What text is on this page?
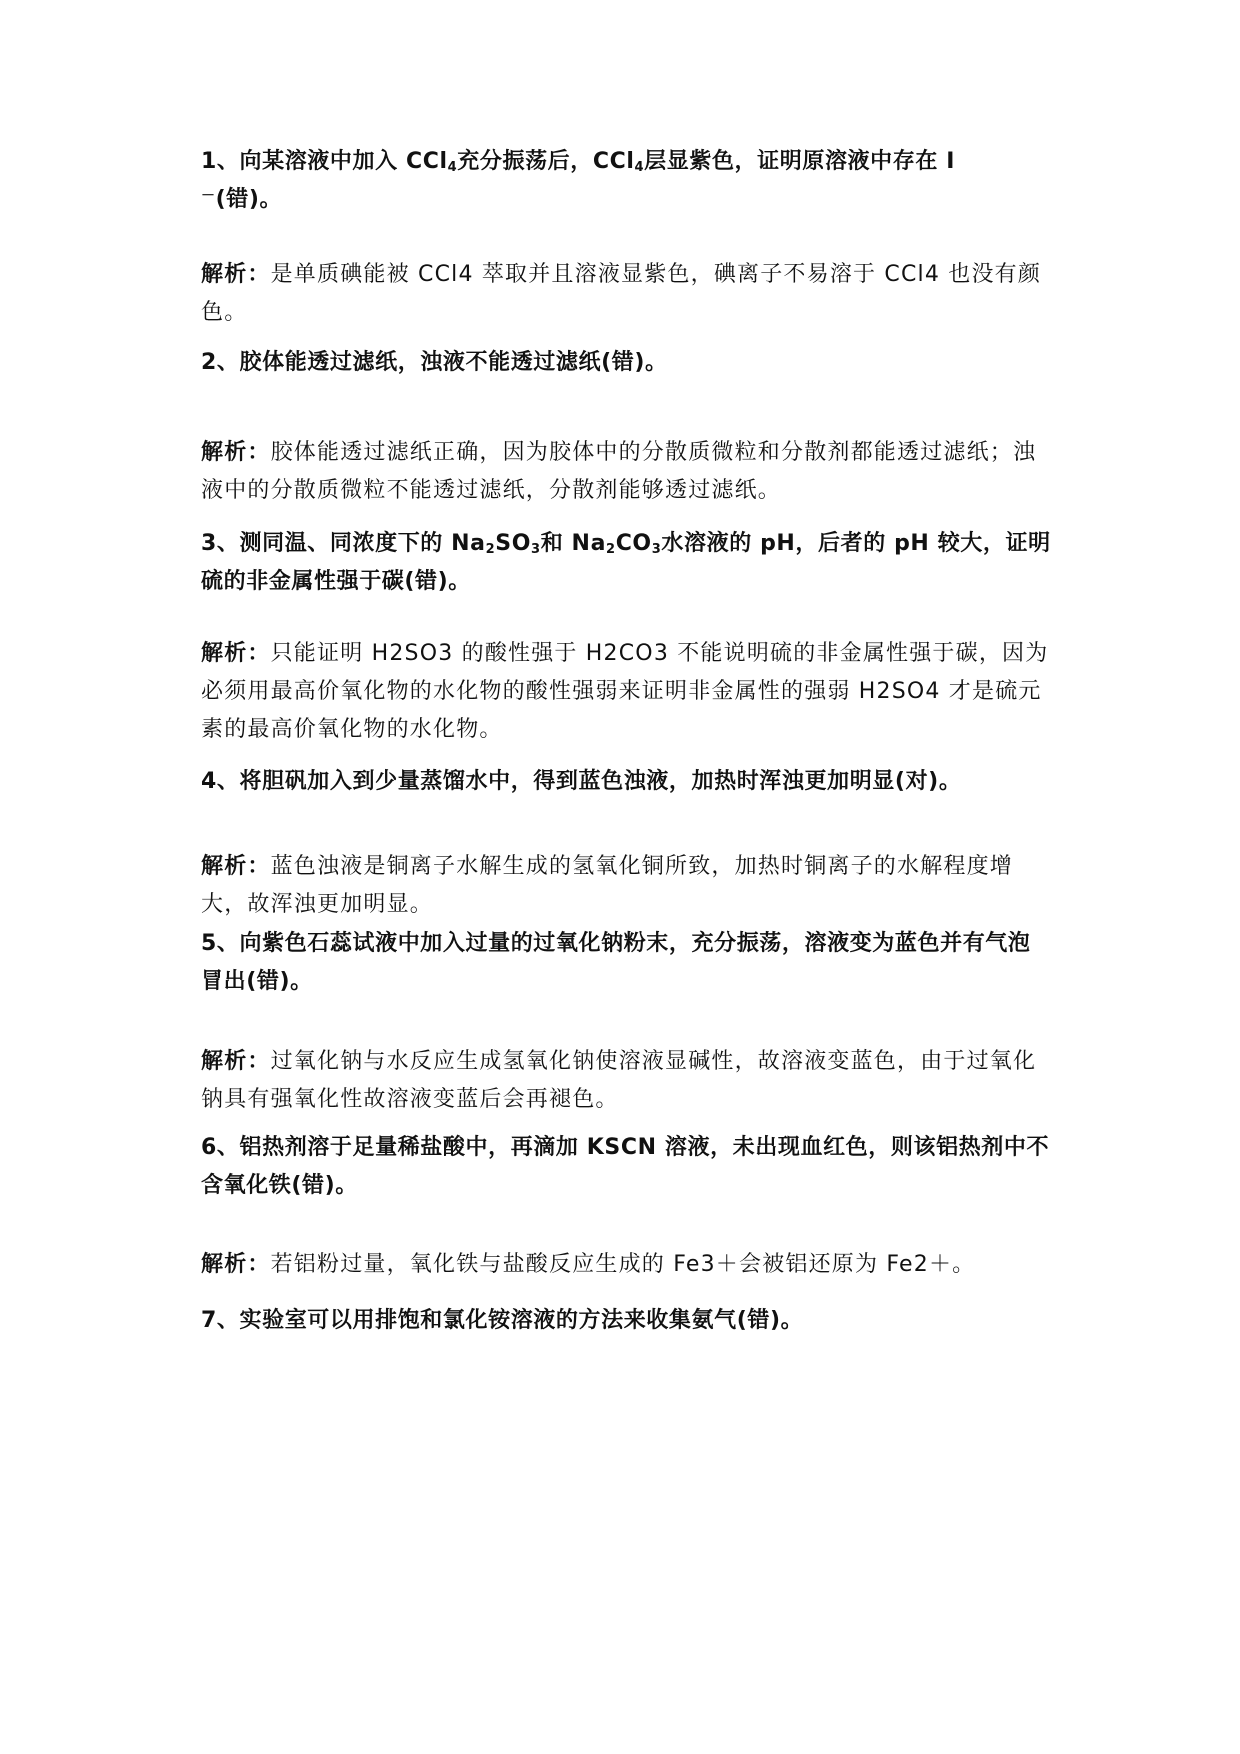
1、向某溶液中加入 CCl$_4$充分振荡后，CCl$_4$层显紫色，证明原溶液中存在 I
－(错)。
解析：是单质碘能被 CCl4 萃取并且溶液显紫色，碘离子不易溶于 CCl4 也没有颜色。
2、胶体能透过滤纸，浊液不能透过滤纸(错)。
解析：胶体能透过滤纸正确，因为胶体中的分散质微粒和分散剂都能透过滤纸；浊液中的分散质微粒不能透过滤纸，分散剂能够透过滤纸。
3、测同温、同浓度下的 $Na_2SO_3$和 $Na_2CO_3$水溶液的 pH，后者的 pH 较大，证明硫的非金属性强于碳(错)。
解析：只能证明 H2SO3 的酸性强于 H2CO3 不能说明硫的非金属性强于碳，因为必须用最高价氧化物的水化物的酸性强弱来证明非金属性的强弱 H2SO4 才是硫元素的最高价氧化物的水化物。
4、将胆矾加入到少量蒸馏水中，得到蓝色浊液，加热时浑浊更加明显(对)。
解析：蓝色浊液是铜离子水解生成的氢氧化铜所致，加热时铜离子的水解程度增大，故浑浊更加明显。
5、向紫色石蕊试液中加入过量的过氧化钠粉末，充分振荡，溶液变为蓝色并有气泡冒出(错)。
解析：过氧化钠与水反应生成氢氧化钠使溶液显碱性，故溶液变蓝色，由于过氧化钠具有强氧化性故溶液变蓝后会再褪色。
6、铝热剂溶于足量稀盐酸中，再滴加 KSCN 溶液，未出现血红色，则该铝热剂中不含氧化铁(错)。
解析：若铝粉过量，氧化铁与盐酸反应生成的 Fe3＋会被铝还原为 Fe2＋。
7、实验室可以用排饱和氯化铵溶液的方法来收集氨气(错)。
